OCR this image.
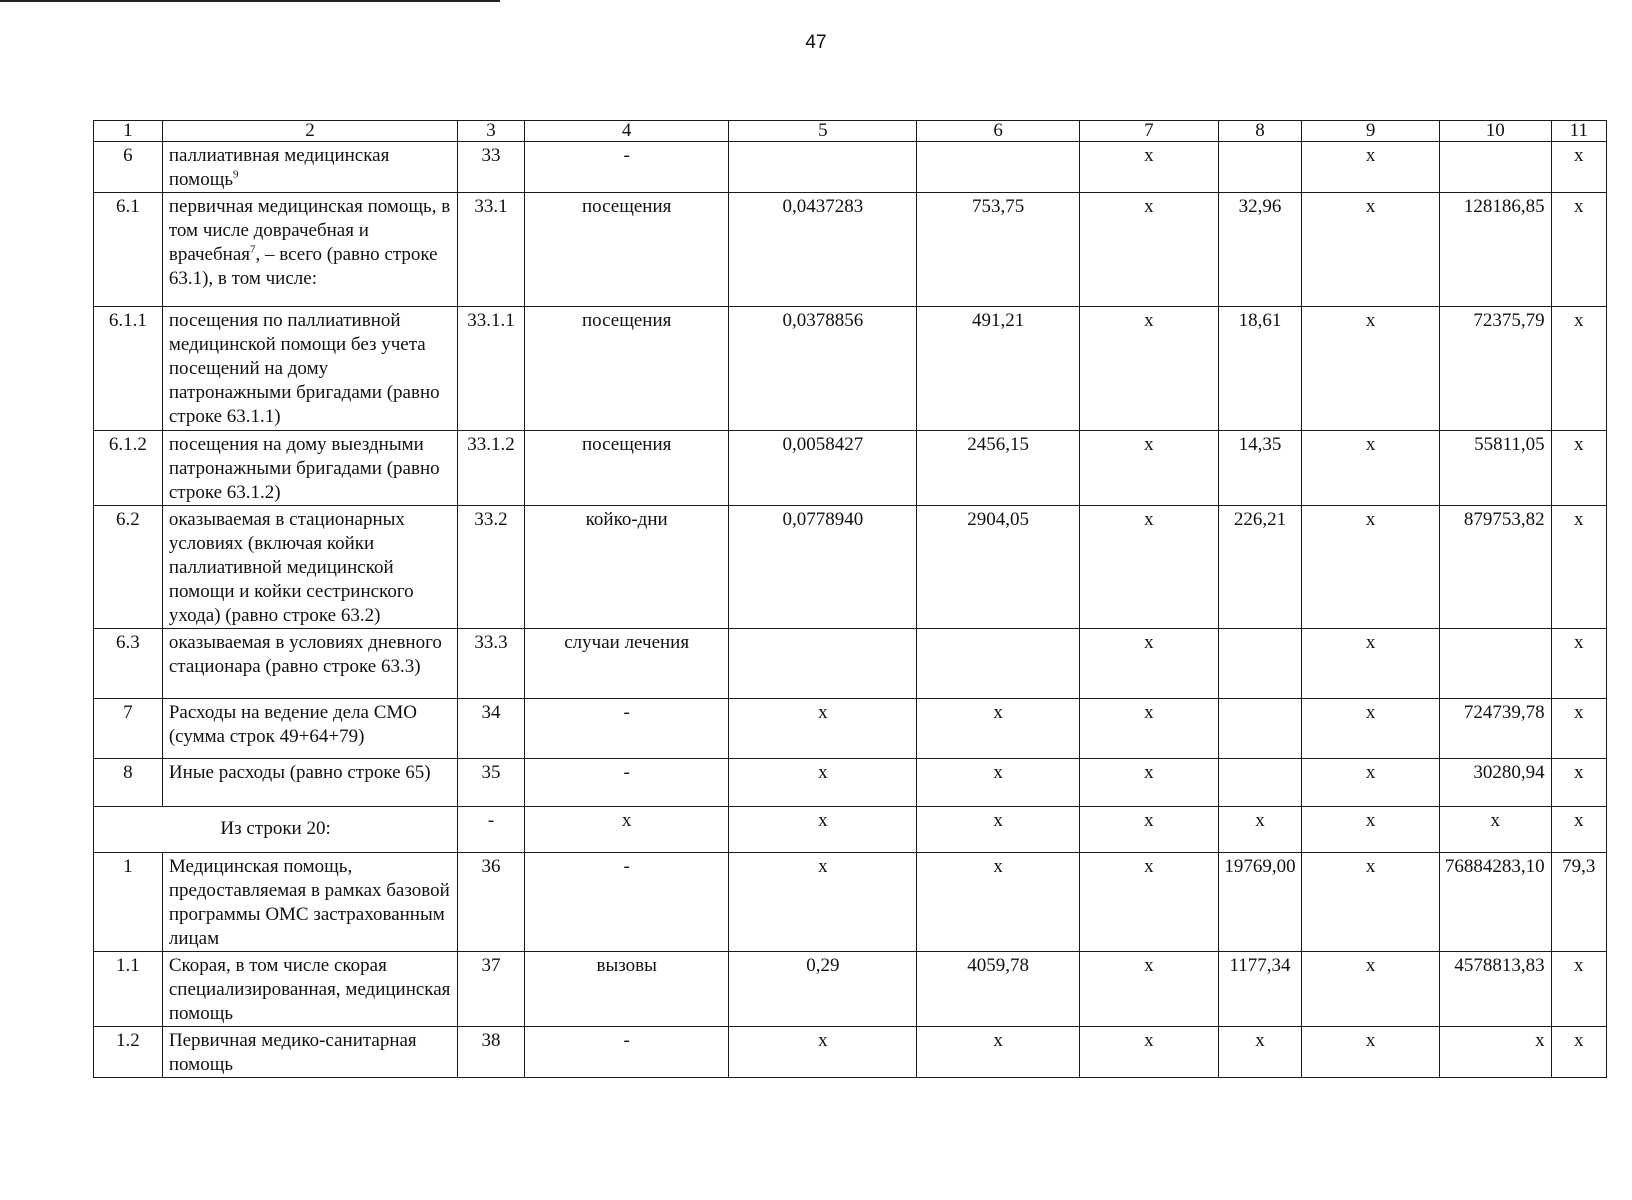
47
1	2	3	4	5	6	7	8	9	10	11
6	паллиативная медицинская помощь$^9$	33	-			х		х		х
6.1	первичная медицинская помощь, в том числе доврачебная и врачебная$^7$, – всего (равно строке 63.1), в том числе:	33.1	посещения	0,0437283	753,75	х	32,96	х	128186,85	х
6.1.1	посещения по паллиативной медицинской помощи без учета посещений на дому патронажными бригадами (равно строке 63.1.1)	33.1.1	посещения	0,0378856	491,21	х	18,61	х	72375,79	х
6.1.2	посещения на дому выездными патронажными бригадами (равно строке 63.1.2)	33.1.2	посещения	0,0058427	2456,15	х	14,35	х	55811,05	х
6.2	оказываемая в стационарных условиях (включая койки паллиативной медицинской помощи и койки сестринского ухода) (равно строке 63.2)	33.2	койко-дни	0,0778940	2904,05	х	226,21	х	879753,82	х
6.3	оказываемая в условиях дневного стационара (равно строке 63.3)	33.3	случаи лечения			х		х		х
7	Расходы на ведение дела СМО (сумма строк 49+64+79)	34	-	х	х	х		х	724739,78	х
8	Иные расходы (равно строке 65)	35	-	х	х	х		х	30280,94	х
Из строки 20:		-	х	х	х	х	х	х	х	х
1	Медицинская помощь, предоставляемая в рамках базовой программы ОМС застрахованным лицам	36	-	х	х	х	19769,00	х	76884283,10	79,3
1.1	Скорая, в том числе скорая специализированная, медицинская помощь	37	вызовы	0,29	4059,78	х	1177,34	х	4578813,83	х
1.2	Первичная медико-санитарная помощь	38	-	х	х	х	х	х	х	х
